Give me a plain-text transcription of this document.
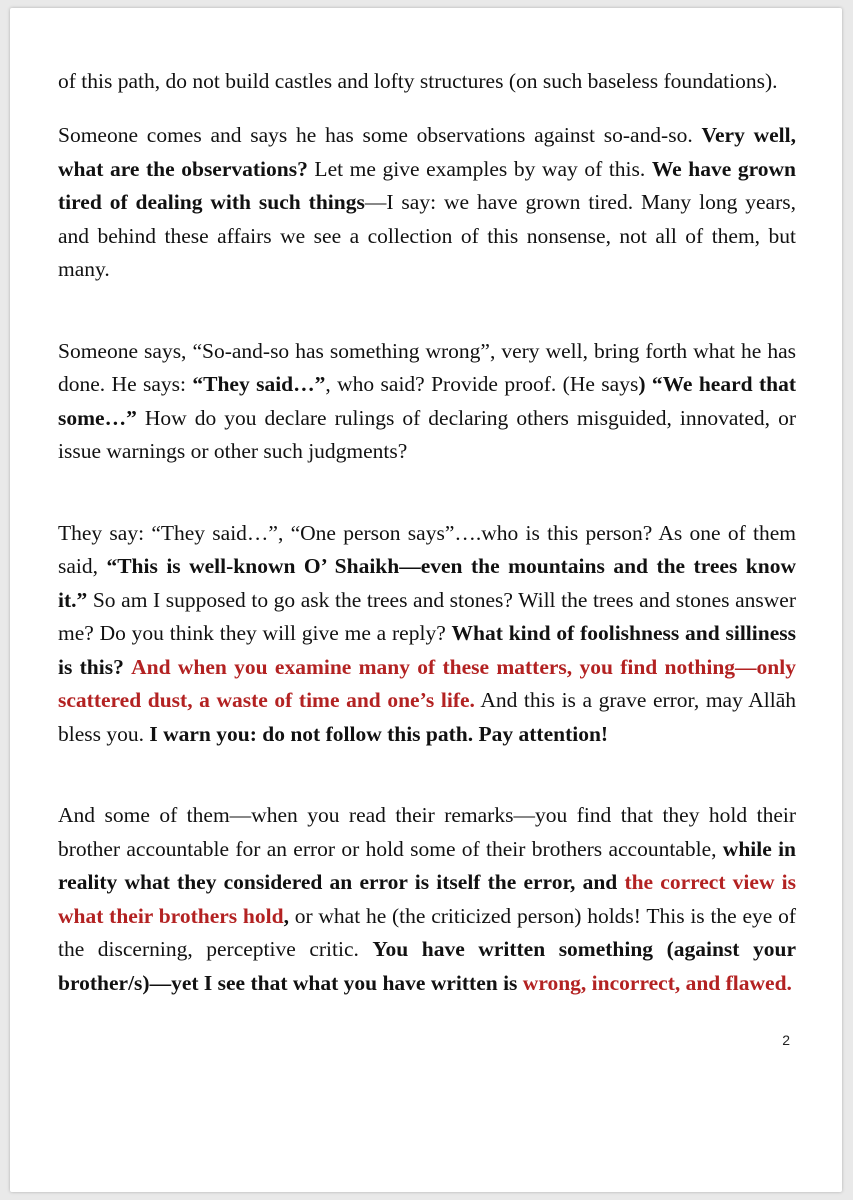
of this path, do not build castles and lofty structures (on such baseless foundations).

Someone comes and says he has some observations against so-and-so. Very well, what are the observations? Let me give examples by way of this. We have grown tired of dealing with such things—I say: we have grown tired. Many long years, and behind these affairs we see a collection of this nonsense, not all of them, but many.

Someone says, “So-and-so has something wrong”, very well, bring forth what he has done. He says: “They said…”, who said? Provide proof. (He says) “We heard that some…” How do you declare rulings of declaring others misguided, innovated, or issue warnings or other such judgments?

They say: “They said…”, “One person says”….who is this person? As one of them said, “This is well-known O’ Shaikh—even the mountains and the trees know it.” So am I supposed to go ask the trees and stones? Will the trees and stones answer me? Do you think they will give me a reply? What kind of foolishness and silliness is this? And when you examine many of these matters, you find nothing—only scattered dust, a waste of time and one’s life. And this is a grave error, may Allāh bless you. I warn you: do not follow this path. Pay attention!

And some of them—when you read their remarks—you find that they hold their brother accountable for an error or hold some of their brothers accountable, while in reality what they considered an error is itself the error, and the correct view is what their brothers hold, or what he (the criticized person) holds! This is the eye of the discerning, perceptive critic. You have written something (against your brother/s)—yet I see that what you have written is wrong, incorrect, and flawed.

2
